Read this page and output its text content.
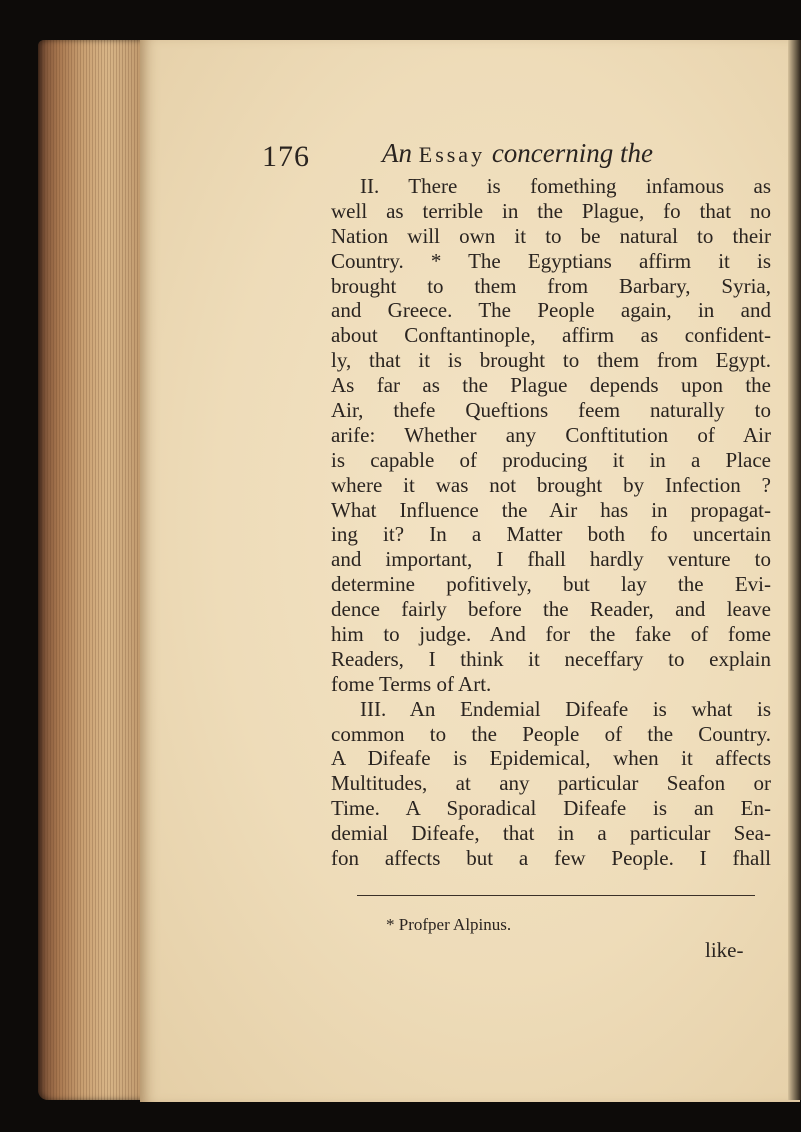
176	An Essay concerning the
II. There is fomething infamous as
well as terrible in the Plague, fo that no
Nation will own it to be natural to their
Country. * The Egyptians affirm it is
brought to them from Barbary, Syria,
and Greece. The People again, in and
about Conftantinople, affirm as confident-
ly, that it is brought to them from Egypt.
As far as the Plague depends upon the
Air, thefe Queftions feem naturally to
arife: Whether any Conftitution of Air
is capable of producing it in a Place
where it was not brought by Infection ?
What Influence the Air has in propagat-
ing it? In a Matter both fo uncertain
and important, I fhall hardly venture to
determine pofitively, but lay the Evi-
dence fairly before the Reader, and leave
him to judge. And for the fake of fome
Readers, I think it neceffary to explain
fome Terms of Art.
III. An Endemial Difeafe is what is
common to the People of the Country.
A Difeafe is Epidemical, when it affects
Multitudes, at any particular Seafon or
Time. A Sporadical Difeafe is an En-
demial Difeafe, that in a particular Sea-
fon affects but a few People. I fhall
* Profper Alpinus.
like-
